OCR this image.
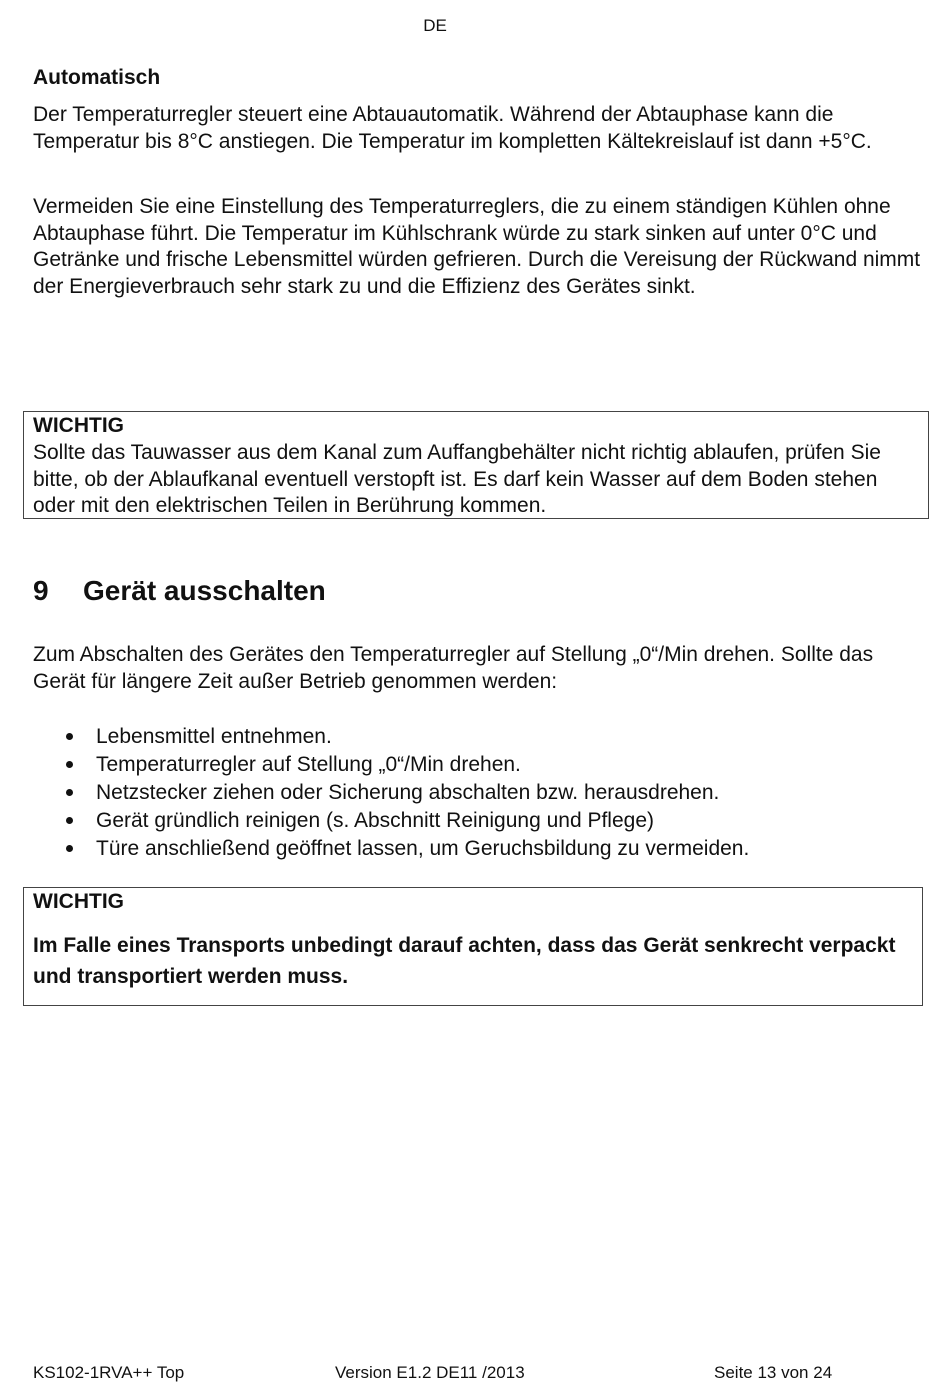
DE
Automatisch
Der Temperaturregler steuert eine Abtauautomatik. Während der Abtauphase kann die Temperatur bis 8°C anstiegen. Die Temperatur im kompletten Kältekreislauf ist dann +5°C.
Vermeiden Sie eine Einstellung des Temperaturreglers, die zu einem ständigen Kühlen ohne Abtauphase führt. Die Temperatur im Kühlschrank würde zu stark sinken auf unter 0°C und Getränke und frische Lebensmittel würden gefrieren. Durch die Vereisung der Rückwand nimmt der Energieverbrauch sehr stark zu und die Effizienz des Gerätes sinkt.
WICHTIG
Sollte das Tauwasser aus dem Kanal zum Auffangbehälter nicht richtig ablaufen, prüfen Sie bitte, ob der Ablaufkanal eventuell verstopft ist. Es darf kein Wasser auf dem Boden stehen oder mit den elektrischen Teilen in Berührung kommen.
9 Gerät ausschalten
Zum Abschalten des Gerätes den Temperaturregler auf Stellung „0“/Min drehen. Sollte das Gerät für längere Zeit außer Betrieb genommen werden:
Lebensmittel entnehmen.
Temperaturregler auf Stellung „0“/Min drehen.
Netzstecker ziehen oder Sicherung abschalten bzw. herausdrehen.
Gerät gründlich reinigen (s. Abschnitt Reinigung und Pflege)
Türe anschließend geöffnet lassen, um Geruchsbildung zu vermeiden.
WICHTIG
Im Falle eines Transports unbedingt darauf achten, dass das Gerät senkrecht verpackt und transportiert werden muss.
KS102-1RVA++ Top	Version E1.2 DE11 /2013	Seite 13 von 24
